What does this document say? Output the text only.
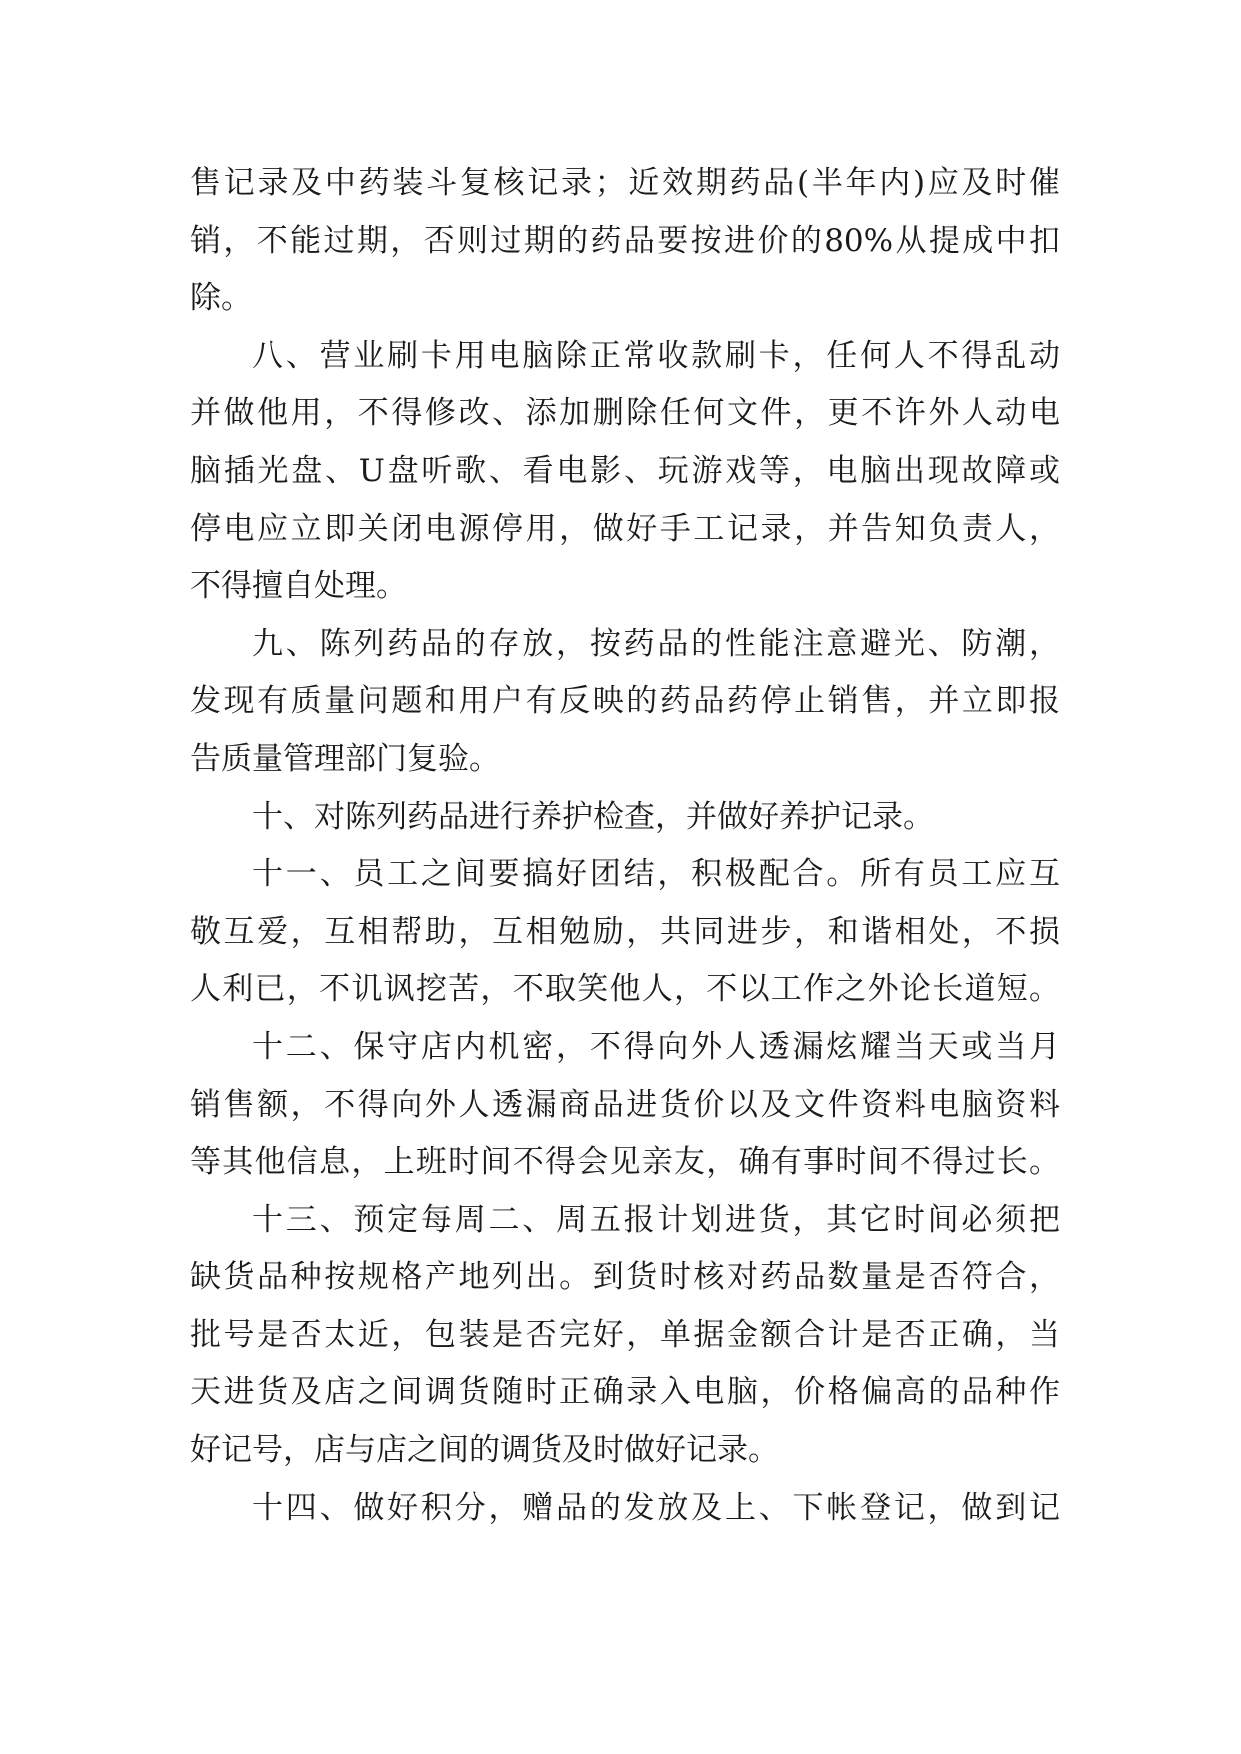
售记录及中药装斗复核记录；近效期药品(半年内)应及时催
销，不能过期，否则过期的药品要按进价的80%从提成中扣
除。
八、营业刷卡用电脑除正常收款刷卡，任何人不得乱动
并做他用，不得修改、添加删除任何文件，更不许外人动电
脑插光盘、U盘听歌、看电影、玩游戏等，电脑出现故障或
停电应立即关闭电源停用，做好手工记录，并告知负责人，
不得擅自处理。
九、陈列药品的存放，按药品的性能注意避光、防潮，
发现有质量问题和用户有反映的药品药停止销售，并立即报
告质量管理部门复验。
十、对陈列药品进行养护检查，并做好养护记录。
十一、员工之间要搞好团结，积极配合。所有员工应互
敬互爱，互相帮助，互相勉励，共同进步，和谐相处，不损
人利已，不讥讽挖苦，不取笑他人，不以工作之外论长道短。
十二、保守店内机密，不得向外人透漏炫耀当天或当月
销售额，不得向外人透漏商品进货价以及文件资料电脑资料
等其他信息，上班时间不得会见亲友，确有事时间不得过长。
十三、预定每周二、周五报计划进货，其它时间必须把
缺货品种按规格产地列出。到货时核对药品数量是否符合，
批号是否太近，包装是否完好，单据金额合计是否正确，当
天进货及店之间调货随时正确录入电脑，价格偏高的品种作
好记号，店与店之间的调货及时做好记录。
十四、做好积分，赠品的发放及上、下帐登记，做到记
